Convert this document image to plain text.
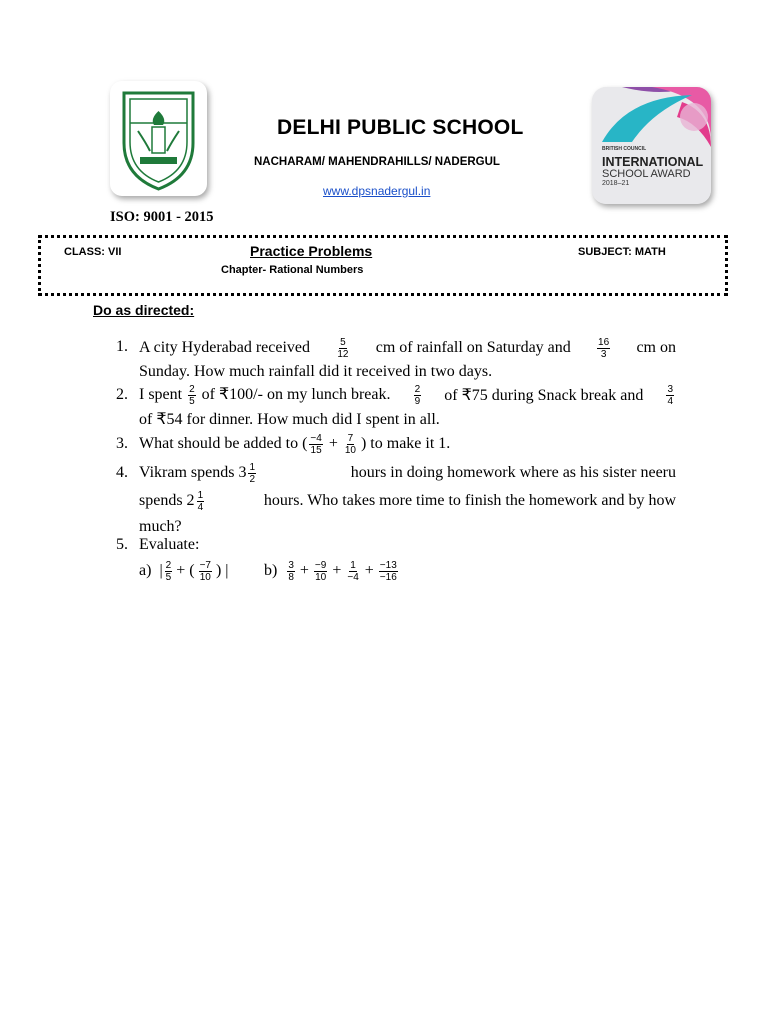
BRITISH COUNCIL
INTERNATIONAL
SCHOOL AWARD
2018–21
DELHI PUBLIC SCHOOL
NACHARAM/ MAHENDRAHILLS/ NADERGUL
www.dpsnadergul.in
ISO: 9001 - 2015
CLASS: VII	Practice Problems
Chapter- Rational Numbers
SUBJECT: MATH
Do as directed:
1. A city Hyderabad received	$\frac{5}{12}$ cm of rainfall on Saturday and	$\frac{16}{3}$ cm on
Sunday. How much rainfall did it received in two days.
2. I spent $\frac{2}{5}$ of ₹100/- on my lunch break. $\frac{2}{9}$ of ₹75 during Snack break and $\frac{3}{4}$
of ₹54 for dinner. How much did I spent in all.
3. What should be added to ( $\frac{-4}{15} + \frac{7}{10}$ ) to make it 1.
4. Vikram spends $3 \frac{1}{2}$	hours in doing homework where as his sister neeru
spends $2 \frac{1}{4}$	hours. Who takes more time to finish the homework and by how
much?
5. Evaluate:
a) | $\frac{2}{5}$ + ( $\frac{-7}{10}$ ) | $b) \frac{3}{8} + \frac{-9}{10} + \frac{1}{-4} + \frac{-13}{-16}$
